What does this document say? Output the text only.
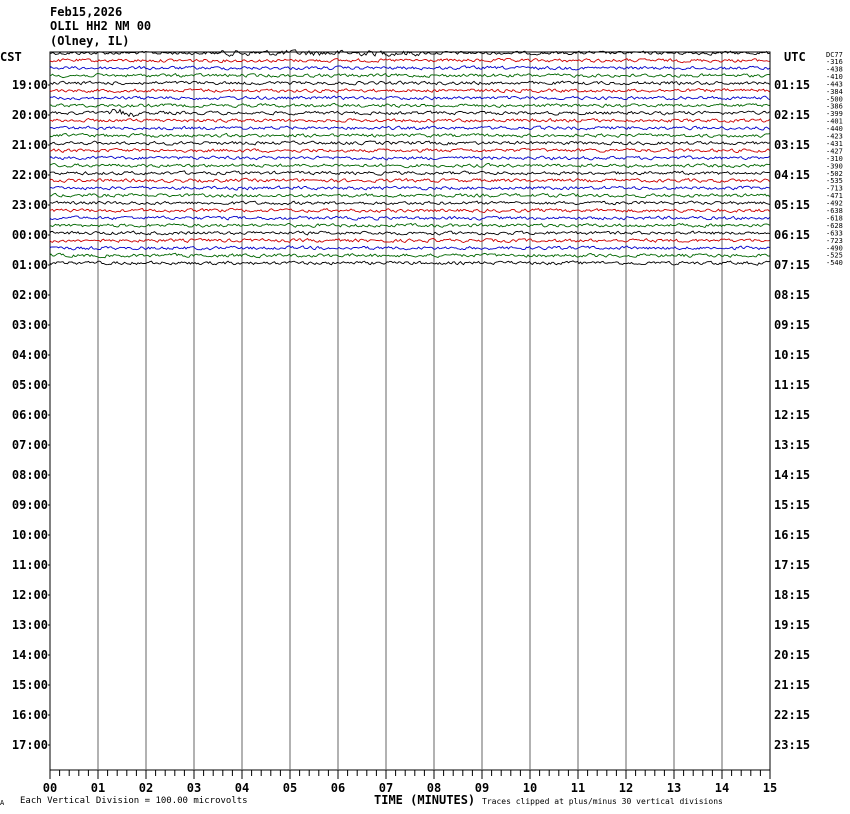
Feb15,2026
OLIL HH2 NM 00
(Olney, IL)
CST	UTC
00	01	02	03	04	05	06	07	08	09	10	11	12	13	14	15
19:00
20:00
21:00
22:00
23:00
00:00
01:00
02:00
03:00
04:00
05:00
06:00
07:00
08:00
09:00
10:00
11:00
12:00
13:00
14:00
15:00
16:00
17:00
01:15
02:15
03:15
04:15
05:15
06:15
07:15
08:15
09:15
10:15
11:15
12:15
13:15
14:15
15:15
16:15
17:15
18:15
19:15
20:15
21:15
22:15
23:15
DC77
-316
-438
-410
-443
-384
-500
-386
-399
-401
-440
-423
-431
-427
-310
-390
-502
-535
-713
-471
-492
-638
-618
-628
-633
-723
-490
-525
-540
A Each Vertical Division = 100.00 microvolts	TIME (MINUTES) Traces clipped at plus/minus 30 vertical divisions
